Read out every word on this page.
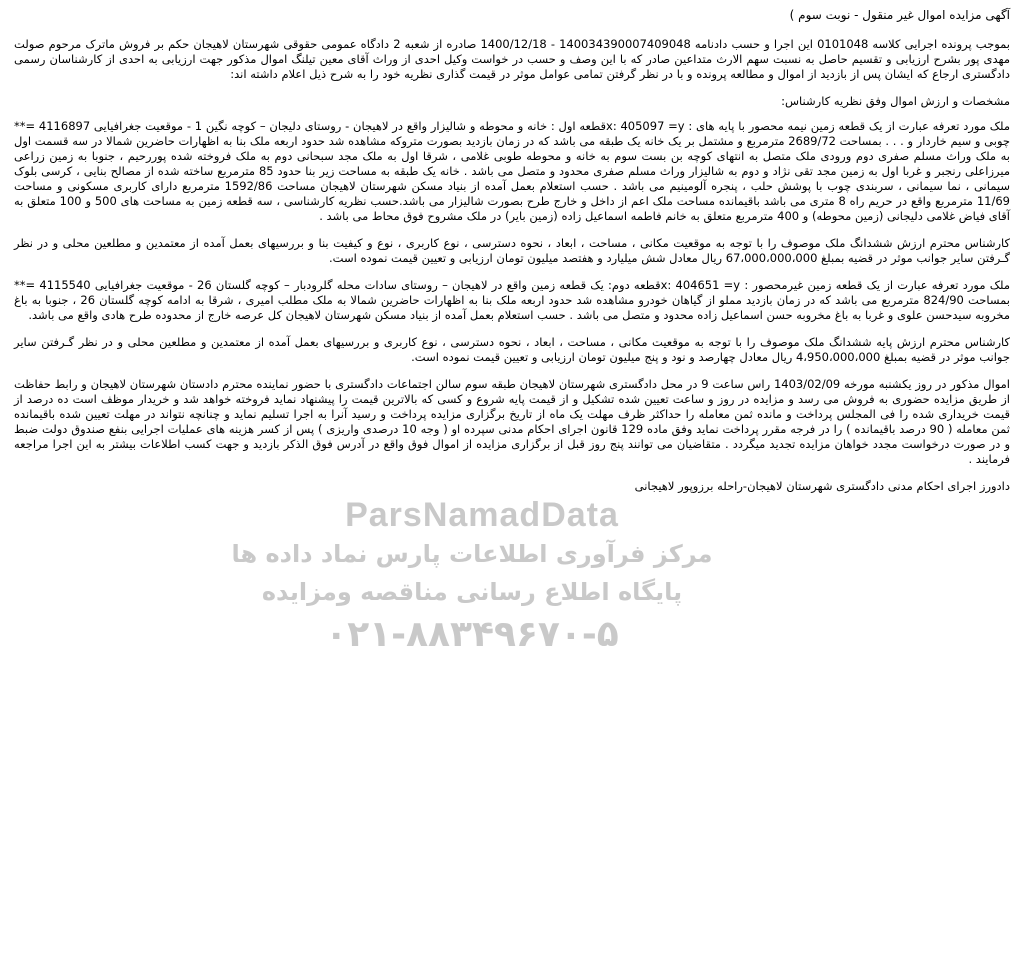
آگهی مزایده اموال غیر منقول - نوبت سوم )
بموجب پرونده اجرایی کلاسه 0101048 این اجرا و حسب دادنامه 140034390007409048 - 1400/12/18 صادره از شعبه 2 دادگاه عمومی حقوقی شهرستان لاهیجان حکم بر فروش ماترک مرحوم صولت مهدی پور بشرح ارزیابی و تقسیم حاصل به نسبت سهم الارث متداعین صادر که با این وصف و حسب در خواست وکیل احدی از وراث آقای معین تیلنگ اموال مذکور جهت ارزیابی به احدی از کارشناسان رسمی دادگستری ارجاع که ایشان پس از بازدید از اموال و مطالعه پرونده و با در نظر گرفتن تمامی عوامل موثر در قیمت گذاری نظریه خود را به شرح ذیل اعلام داشته اند:
مشخصات و ارزش اموال وفق نظریه کارشناس:
ملک مورد تعرفه عبارت از یک قطعه زمین نیمه محصور با پایه های : x: 405097 =yقطعه اول : خانه و محوطه و شالیزار واقع در لاهیجان - روستای دلیجان – کوچه نگین 1 - موقعیت جغرافیایی 4116897 =** چوبی و سیم خاردار و . . . بمساحت 2689/72 مترمربع و مشتمل بر یک خانه یک طبقه می باشد که در زمان بازدید بصورت متروکه مشاهده شد حدود اربعه ملک بنا به اظهارات حاضرین شمالا در سه قسمت اول به ملک وراث مسلم صفری دوم ورودی ملک متصل به انتهای کوچه بن بست سوم به خانه و محوطه طوبی غلامی ، شرقا اول به ملک مجد سبحانی دوم به ملک فروخته شده پوررحیم ، جنوبا به زمین زراعی میرزاعلی رنجبر و غربا اول به زمین مجد تقی نژاد و دوم به شالیزار وراث مسلم صفری محدود و متصل می باشد . خانه یک طبقه به مساحت زیر بنا حدود 85 مترمربع ساخته شده از مصالح بنایی ، کرسی بلوک سیمانی ، نما سیمانی ، سربندی چوب با پوشش حلب ، پنجره آلومینیم می باشد . حسب استعلام بعمل آمده از بنیاد مسکن شهرستان لاهیجان مساحت 1592/86 مترمربع دارای کاربری مسکونی و مساحت 11/69 مترمربع واقع در حریم راه 8 متری می باشد باقیمانده مساحت ملک اعم از داخل و خارج طرح بصورت شالیزار می باشد.حسب نظریه کارشناسی ، سه قطعه زمین به مساحت های 500 و 100 متعلق به آقای فیاض غلامی دلیجانی (زمین محوطه) و 400 مترمربع متعلق به خانم فاطمه اسماعیل زاده (زمین بایر) در ملک مشروح فوق محاط می باشد .
کارشناس محترم ارزش ششدانگ ملک موصوف را با توجه به موقعیت مکانی ، مساحت ، ابعاد ، نحوه دسترسی ، نوع کاربری ، نوع و کیفیت بنا و بررسیهای بعمل آمده از معتمدین و مطلعین محلی و در نظر گـرفتن سایر جوانب موثر در قضیه بمبلغ 67،000،000،000 ریال معادل شش میلیارد و هفتصد میلیون تومان ارزیابی و تعیین قیمت نموده است.
ملک مورد تعرفه عبارت از یک قطعه زمین غیرمحصور : x: 404651 =yقطعه دوم: یک قطعه زمین واقع در لاهیجان – روستای سادات محله گلرودبار – کوچه گلستان 26 - موقعیت جغرافیایی 4115540 =** بمساحت 824/90 مترمربع می باشد که در زمان بازدید مملو از گیاهان خودرو مشاهده شد حدود اربعه ملک بنا به اظهارات حاضرین شمالا به ملک مطلب امیری ، شرقا به ادامه کوچه گلستان 26 ، جنوبا به باغ مخروبه سیدحسن علوی و غربا به باغ مخروبه حسن اسماعیل زاده محدود و متصل می باشد . حسب استعلام بعمل آمده از بنیاد مسکن شهرستان لاهیجان کل عرصه خارج از محدوده طرح هادی واقع می باشد.
کارشناس محترم ارزش پایه ششدانگ ملک موصوف را با توجه به موقعیت مکانی ، مساحت ، ابعاد ، نحوه دسترسی ، نوع کاربری و بررسیهای بعمل آمده از معتمدین و مطلعین محلی و در نظر گـرفتن سایر جوانب موثر در قضیه بمبلغ 4،950،000،000 ریال معادل چهارصد و نود و پنج میلیون تومان ارزیابی و تعیین قیمت نموده است.
اموال مذکور در روز یکشنبه مورخه 1403/02/09 راس ساعت 9 در محل دادگستری شهرستان لاهیجان طبقه سوم سالن اجتماعات دادگستری با حضور نماینده محترم دادستان شهرستان لاهیجان و رابط حفاظت از طریق مزایده حضوری به فروش می رسد و مزایده در روز و ساعت تعیین شده تشکیل و از قیمت پایه شروع و کسی که بالاترین قیمت را پیشنهاد نماید فروخته خواهد شد و خریدار موظف است ده درصد از قیمت خریداری شده را فی المجلس پرداخت و مانده ثمن معامله را حداکثر ظرف مهلت یک ماه از تاریخ برگزاری مزایده پرداخت و رسید آنرا به اجرا تسلیم نماید و چنانچه نتواند در مهلت تعیین شده باقیمانده ثمن معامله ( 90 درصد باقیمانده ) را در فرجه مقرر پرداخت نماید وفق ماده 129 قانون اجرای احکام مدنی سپرده او ( وجه 10 درصدی واریزی ) پس از کسر هزینه های عملیات اجرایی بنفع صندوق دولت ضبط و در صورت درخواست مجدد خواهان مزایده تجدید میگردد . متقاضیان می توانند پنج روز قبل از برگزاری مزایده از اموال فوق واقع در آدرس فوق الذکر بازدید و جهت کسب اطلاعات بیشتر به این اجرا مراجعه فرمایند .
دادورز اجرای احکام مدنی دادگستری شهرستان لاهیجان-راحله برزوپور لاهیجانی
ParsNamadData
مرکز فرآوری اطلاعات پارس نماد داده ها
پایگاه اطلاع رسانی مناقصه ومزایده
۰۲۱-۸۸۳۴۹۶۷۰-۵
